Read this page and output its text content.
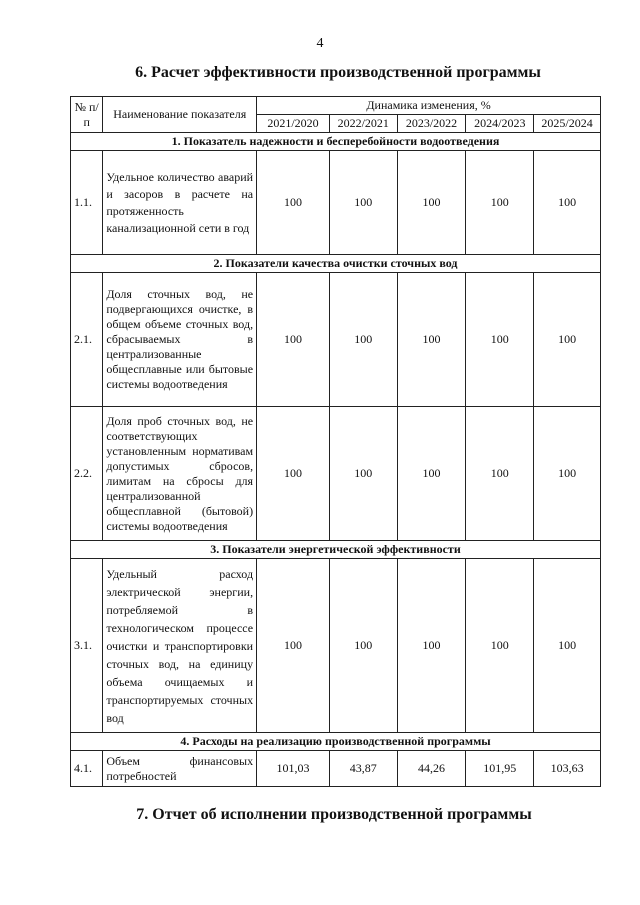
4
6. Расчет эффективности производственной программы
№ п/п	Наименование показателя	Динамика изменения, %				
		2021/2020	2022/2021	2023/2022	2024/2023	2025/2024
1. Показатель надежности и бесперебойности водоотведения						
1.1.	Удельное количество аварий и засоров в расчете на протяженность канализационной сети в год	100	100	100	100	100
2. Показатели качества очистки сточных вод						
2.1.	Доля сточных вод, не подвергающихся очистке, в общем объеме сточных вод, сбрасываемых в централизованные общесплавные или бытовые системы водоотведения	100	100	100	100	100
2.2.	Доля проб сточных вод, не соответствующих установленным нормативам допустимых сбросов, лимитам на сбросы для централизованной общесплавной (бытовой) системы водоотведения	100	100	100	100	100
3. Показатели энергетической эффективности						
3.1.	Удельный расход электрической энергии, потребляемой в технологическом процессе очистки и транспортировки сточных вод, на единицу объема очищаемых и транспортируемых сточных вод	100	100	100	100	100
4. Расходы на реализацию производственной программы						
4.1.	Объем финансовых потребностей	101,03	43,87	44,26	101,95	103,63
7. Отчет об исполнении производственной программы
